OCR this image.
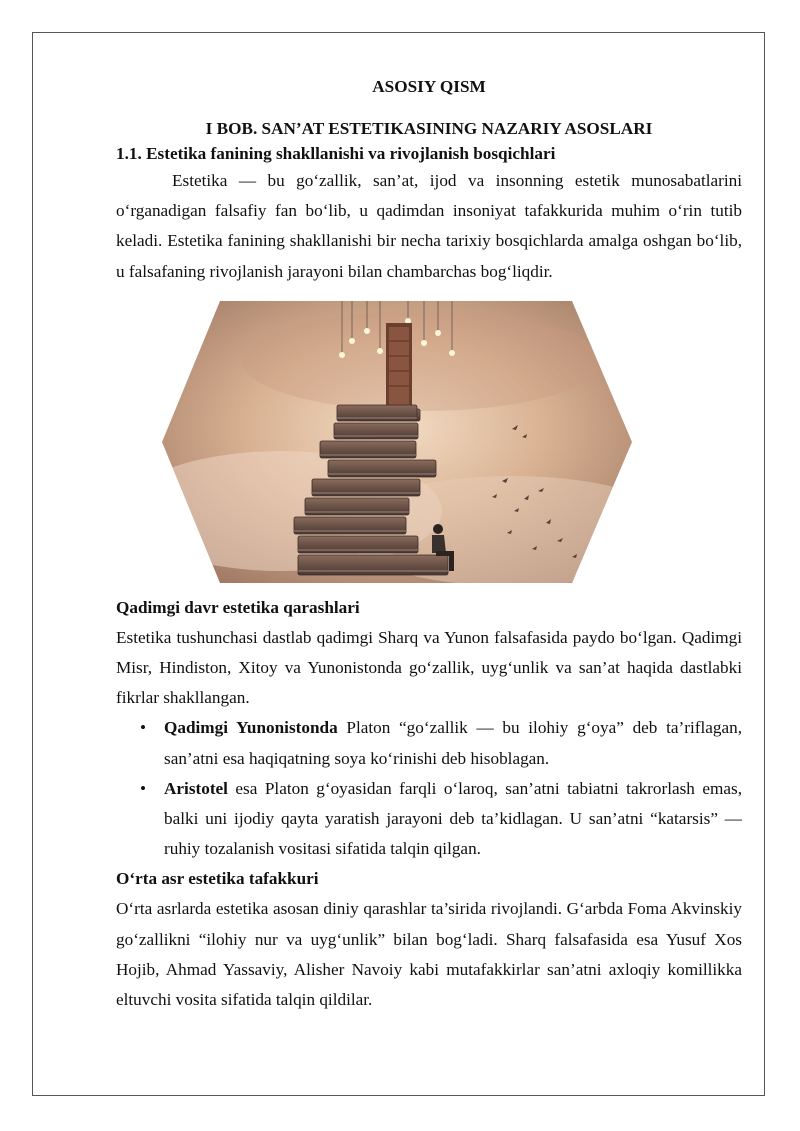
ASOSIY QISM

I BOB. SAN’AT ESTETIKASINING NAZARIY ASOSLARI

1.1. Estetika fanining shakllanishi va rivojlanish bosqichlari

Estetika — bu go‘zallik, san’at, ijod va insonning estetik munosabatlarini o‘rganadigan falsafiy fan bo‘lib, u qadimdan insoniyat tafakkurida muhim o‘rin tutib keladi. Estetika fanining shakllanishi bir necha tarixiy bosqichlarda amalga oshgan bo‘lib, u falsafaning rivojlanish jarayoni bilan chambarchas bog‘liqdir.

Qadimgi davr estetika qarashlari

Estetika tushunchasi dastlab qadimgi Sharq va Yunon falsafasida paydo bo‘lgan. Qadimgi Misr, Hindiston, Xitoy va Yunonistonda go‘zallik, uyg‘unlik va san’at haqida dastlabki fikrlar shakllangan.

• Qadimgi Yunonistonda Platon “go‘zallik — bu ilohiy g‘oya” deb ta’riflagan, san’atni esa haqiqatning soya ko‘rinishi deb hisoblagan.
• Aristotel esa Platon g‘oyasidan farqli o‘laroq, san’atni tabiatni takrorlash emas, balki uni ijodiy qayta yaratish jarayoni deb ta’kidlagan. U san’atni “katarsis” — ruhiy tozalanish vositasi sifatida talqin qilgan.

O‘rta asr estetika tafakkuri

O‘rta asrlarda estetika asosan diniy qarashlar ta’sirida rivojlandi. G‘arbda Foma Akvinskiy go‘zallikni “ilohiy nur va uyg‘unlik” bilan bog‘ladi. Sharq falsafasida esa Yusuf Xos Hojib, Ahmad Yassaviy, Alisher Navoiy kabi mutafakkirlar san’atni axloqiy komillikka eltuvchi vosita sifatida talqin qildilar.
